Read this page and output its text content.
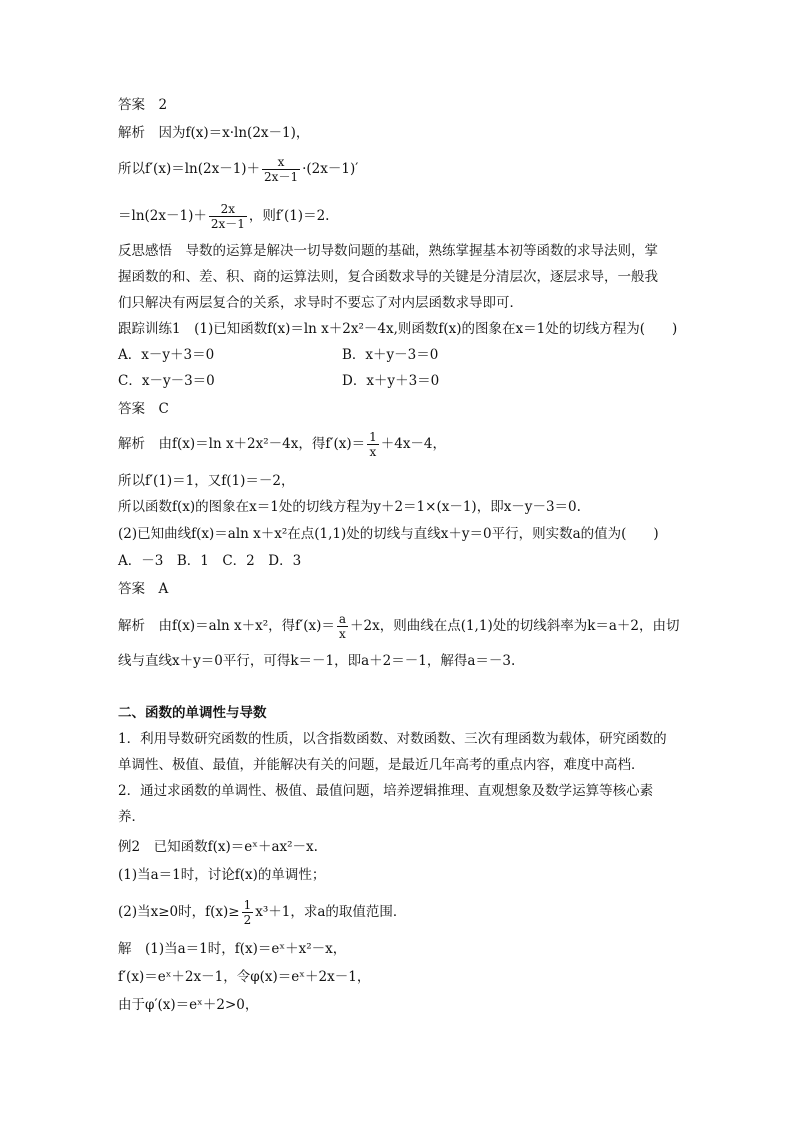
答案　2
解析　因为f(x)＝x·ln(2x－1)，
所以$f'(x)=\ln(2x-1)+ \frac{x}{2x-1} \cdot(2x-1)'$
$=\ln(2x-1)+ \frac{2x}{2x-1}$ ，则f′(1)＝2.
反思感悟　导数的运算是解决一切导数问题的基础，熟练掌握基本初等函数的求导法则，掌
握函数的和、差、积、商的运算法则，复合函数求导的关键是分清层次，逐层求导，一般我
们只解决有两层复合的关系，求导时不要忘了对内层函数求导即可．
跟踪训练1　(1)已知函数f(x)＝ln x＋2x²－4x,则函数f(x)的图象在x＝1处的切线方程为(　　)
A．x－y＋3＝0	B．x＋y－3＝0
C．x－y－3＝0	D．x＋y＋3＝0
答案　C
解析　由f(x)＝ln x＋2x²－4x，得$f'(x)= \frac{1}{x} +4x-4$，
所以f′(1)＝1，又f(1)＝－2，
所以函数f(x)的图象在x＝1处的切线方程为y＋2＝1×(x－1)，即x－y－3＝0.
(2)已知曲线f(x)＝aln x＋x²在点(1,1)处的切线与直线x＋y＝0平行，则实数a的值为(　　)
A．－3　B．1　C．2　D．3
答案　A
解析　由f(x)＝aln x＋x²，得$f'(x)= \frac{a}{x} +2x$，则曲线在点(1,1)处的切线斜率为k＝a＋2，由切
线与直线x＋y＝0平行，可得k＝－1，即a＋2＝－1，解得a＝－3.
二、函数的单调性与导数
1．利用导数研究函数的性质，以含指数函数、对数函数、三次有理函数为载体，研究函数的
单调性、极值、最值，并能解决有关的问题，是最近几年高考的重点内容，难度中高档．
2．通过求函数的单调性、极值、最值问题，培养逻辑推理、直观想象及数学运算等核心素
养．
例2　已知函数f(x)＝eˣ＋ax²－x.
(1)当a＝1时，讨论f(x)的单调性；
(2)当x≥0时，$f(x)\ge \frac{1}{2} x^3+1$，求a的取值范围．
解　(1)当a＝1时，f(x)＝eˣ＋x²－x，
f′(x)＝eˣ＋2x－1，令φ(x)＝eˣ＋2x－1，
由于φ′(x)＝eˣ＋2>0，
